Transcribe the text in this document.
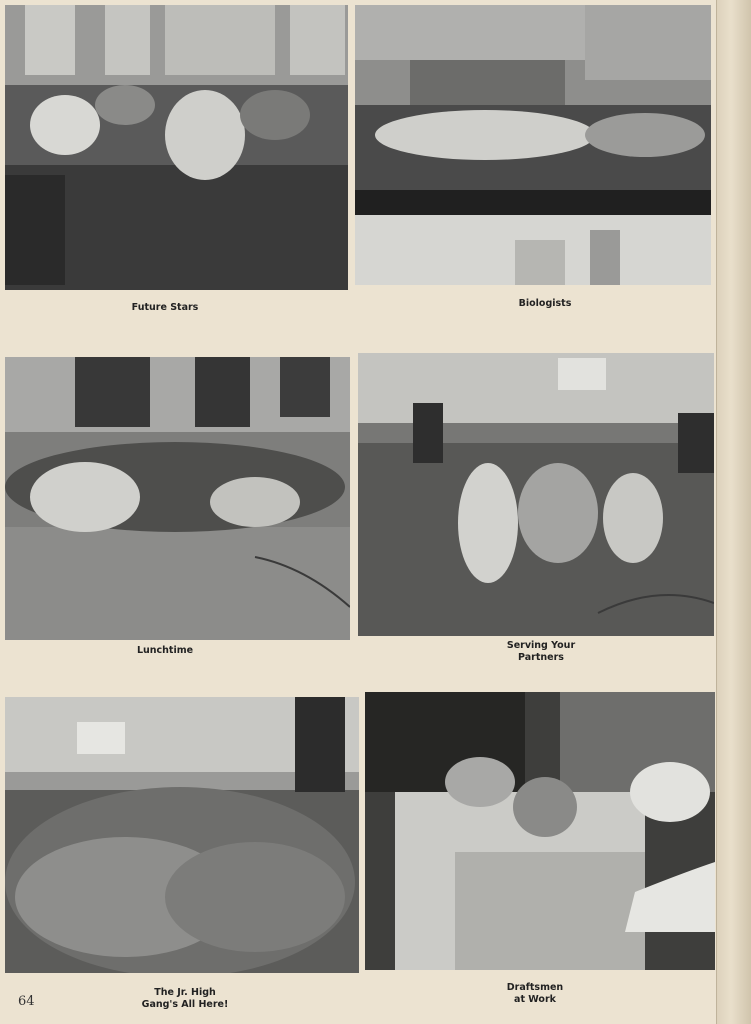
Future Stars	Biologists
Lunchtime	Serving Your
Partners
The Jr. High
Gang's All Here!
Draftsmen
at Work
64
